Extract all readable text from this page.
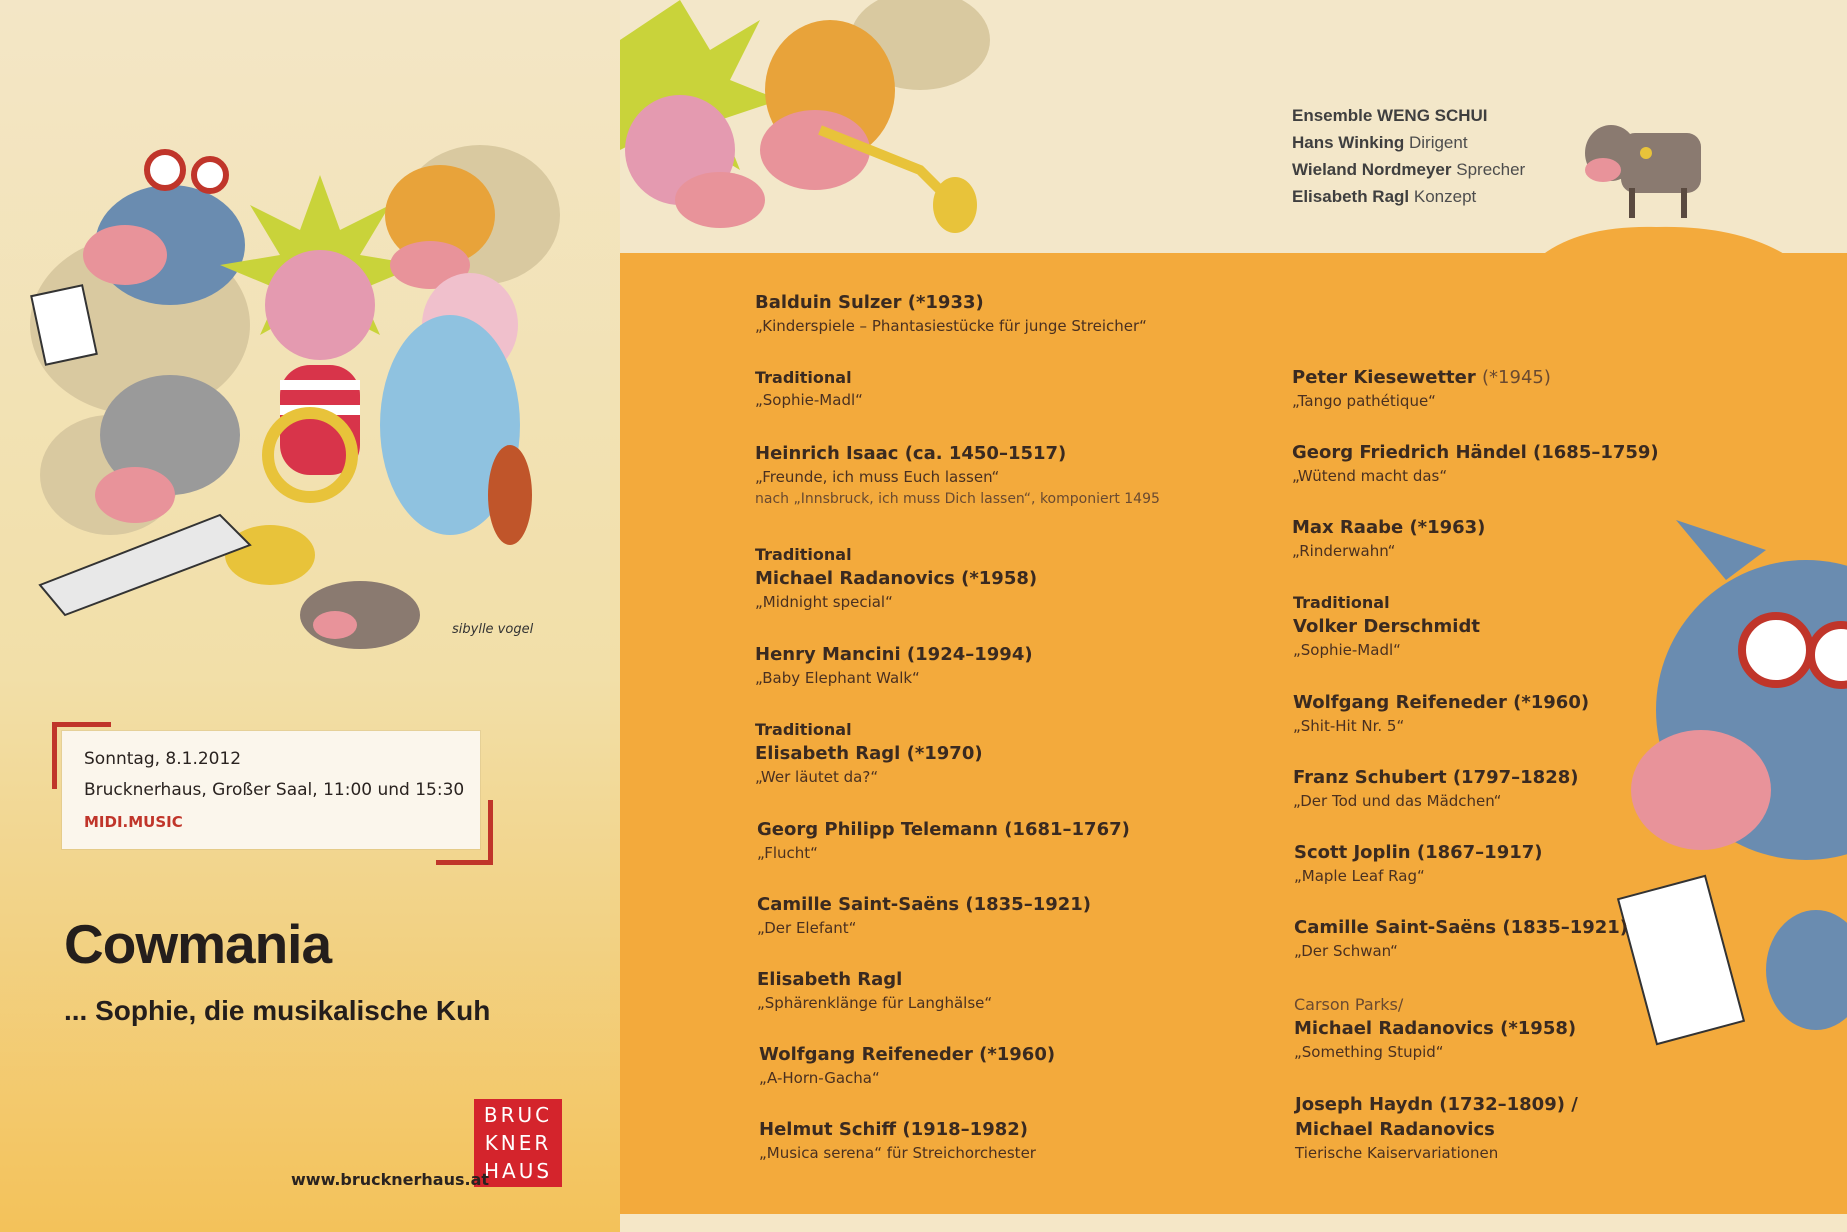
sibylle vogel
Sonntag, 8.1.2012
Brucknerhaus, Großer Saal, 11:00 und 15:30
MIDI.MUSIC
Cowmania
... Sophie, die musikalische Kuh
BRUC
KNER
HAUS
www.brucknerhaus.at
Balduin Sulzer (*1933)
„Kinderspiele – Phantasiestücke für junge Streicher“
Traditional
„Sophie-Madl“
Heinrich Isaac (ca. 1450–1517)
„Freunde, ich muss Euch lassen“
nach „Innsbruck, ich muss Dich lassen“, komponiert 1495
Traditional
Michael Radanovics (*1958)
„Midnight special“
Henry Mancini (1924–1994)
„Baby Elephant Walk“
Traditional
Elisabeth Ragl (*1970)
„Wer läutet da?“
Georg Philipp Telemann (1681–1767)
„Flucht“
Camille Saint-Saëns (1835–1921)
„Der Elefant“
Elisabeth Ragl
„Sphärenklänge für Langhälse“
Wolfgang Reifeneder (*1960)
„A-Horn-Gacha“
Helmut Schiff (1918–1982)
„Musica serena“ für Streichorchester
Ensemble WENG SCHUI
Hans Winking Dirigent
Wieland Nordmeyer Sprecher
Elisabeth Ragl Konzept
Peter Kiesewetter (*1945)
„Tango pathétique“
Georg Friedrich Händel (1685–1759)
„Wütend macht das“
Max Raabe (*1963)
„Rinderwahn“
Traditional
Volker Derschmidt
„Sophie-Madl“
Wolfgang Reifeneder (*1960)
„Shit-Hit Nr. 5“
Franz Schubert (1797–1828)
„Der Tod und das Mädchen“
Scott Joplin (1867–1917)
„Maple Leaf Rag“
Camille Saint-Saëns (1835–1921)
„Der Schwan“
Carson Parks/
Michael Radanovics (*1958)
„Something Stupid“
Joseph Haydn (1732–1809) /
Michael Radanovics
Tierische Kaiservariationen
